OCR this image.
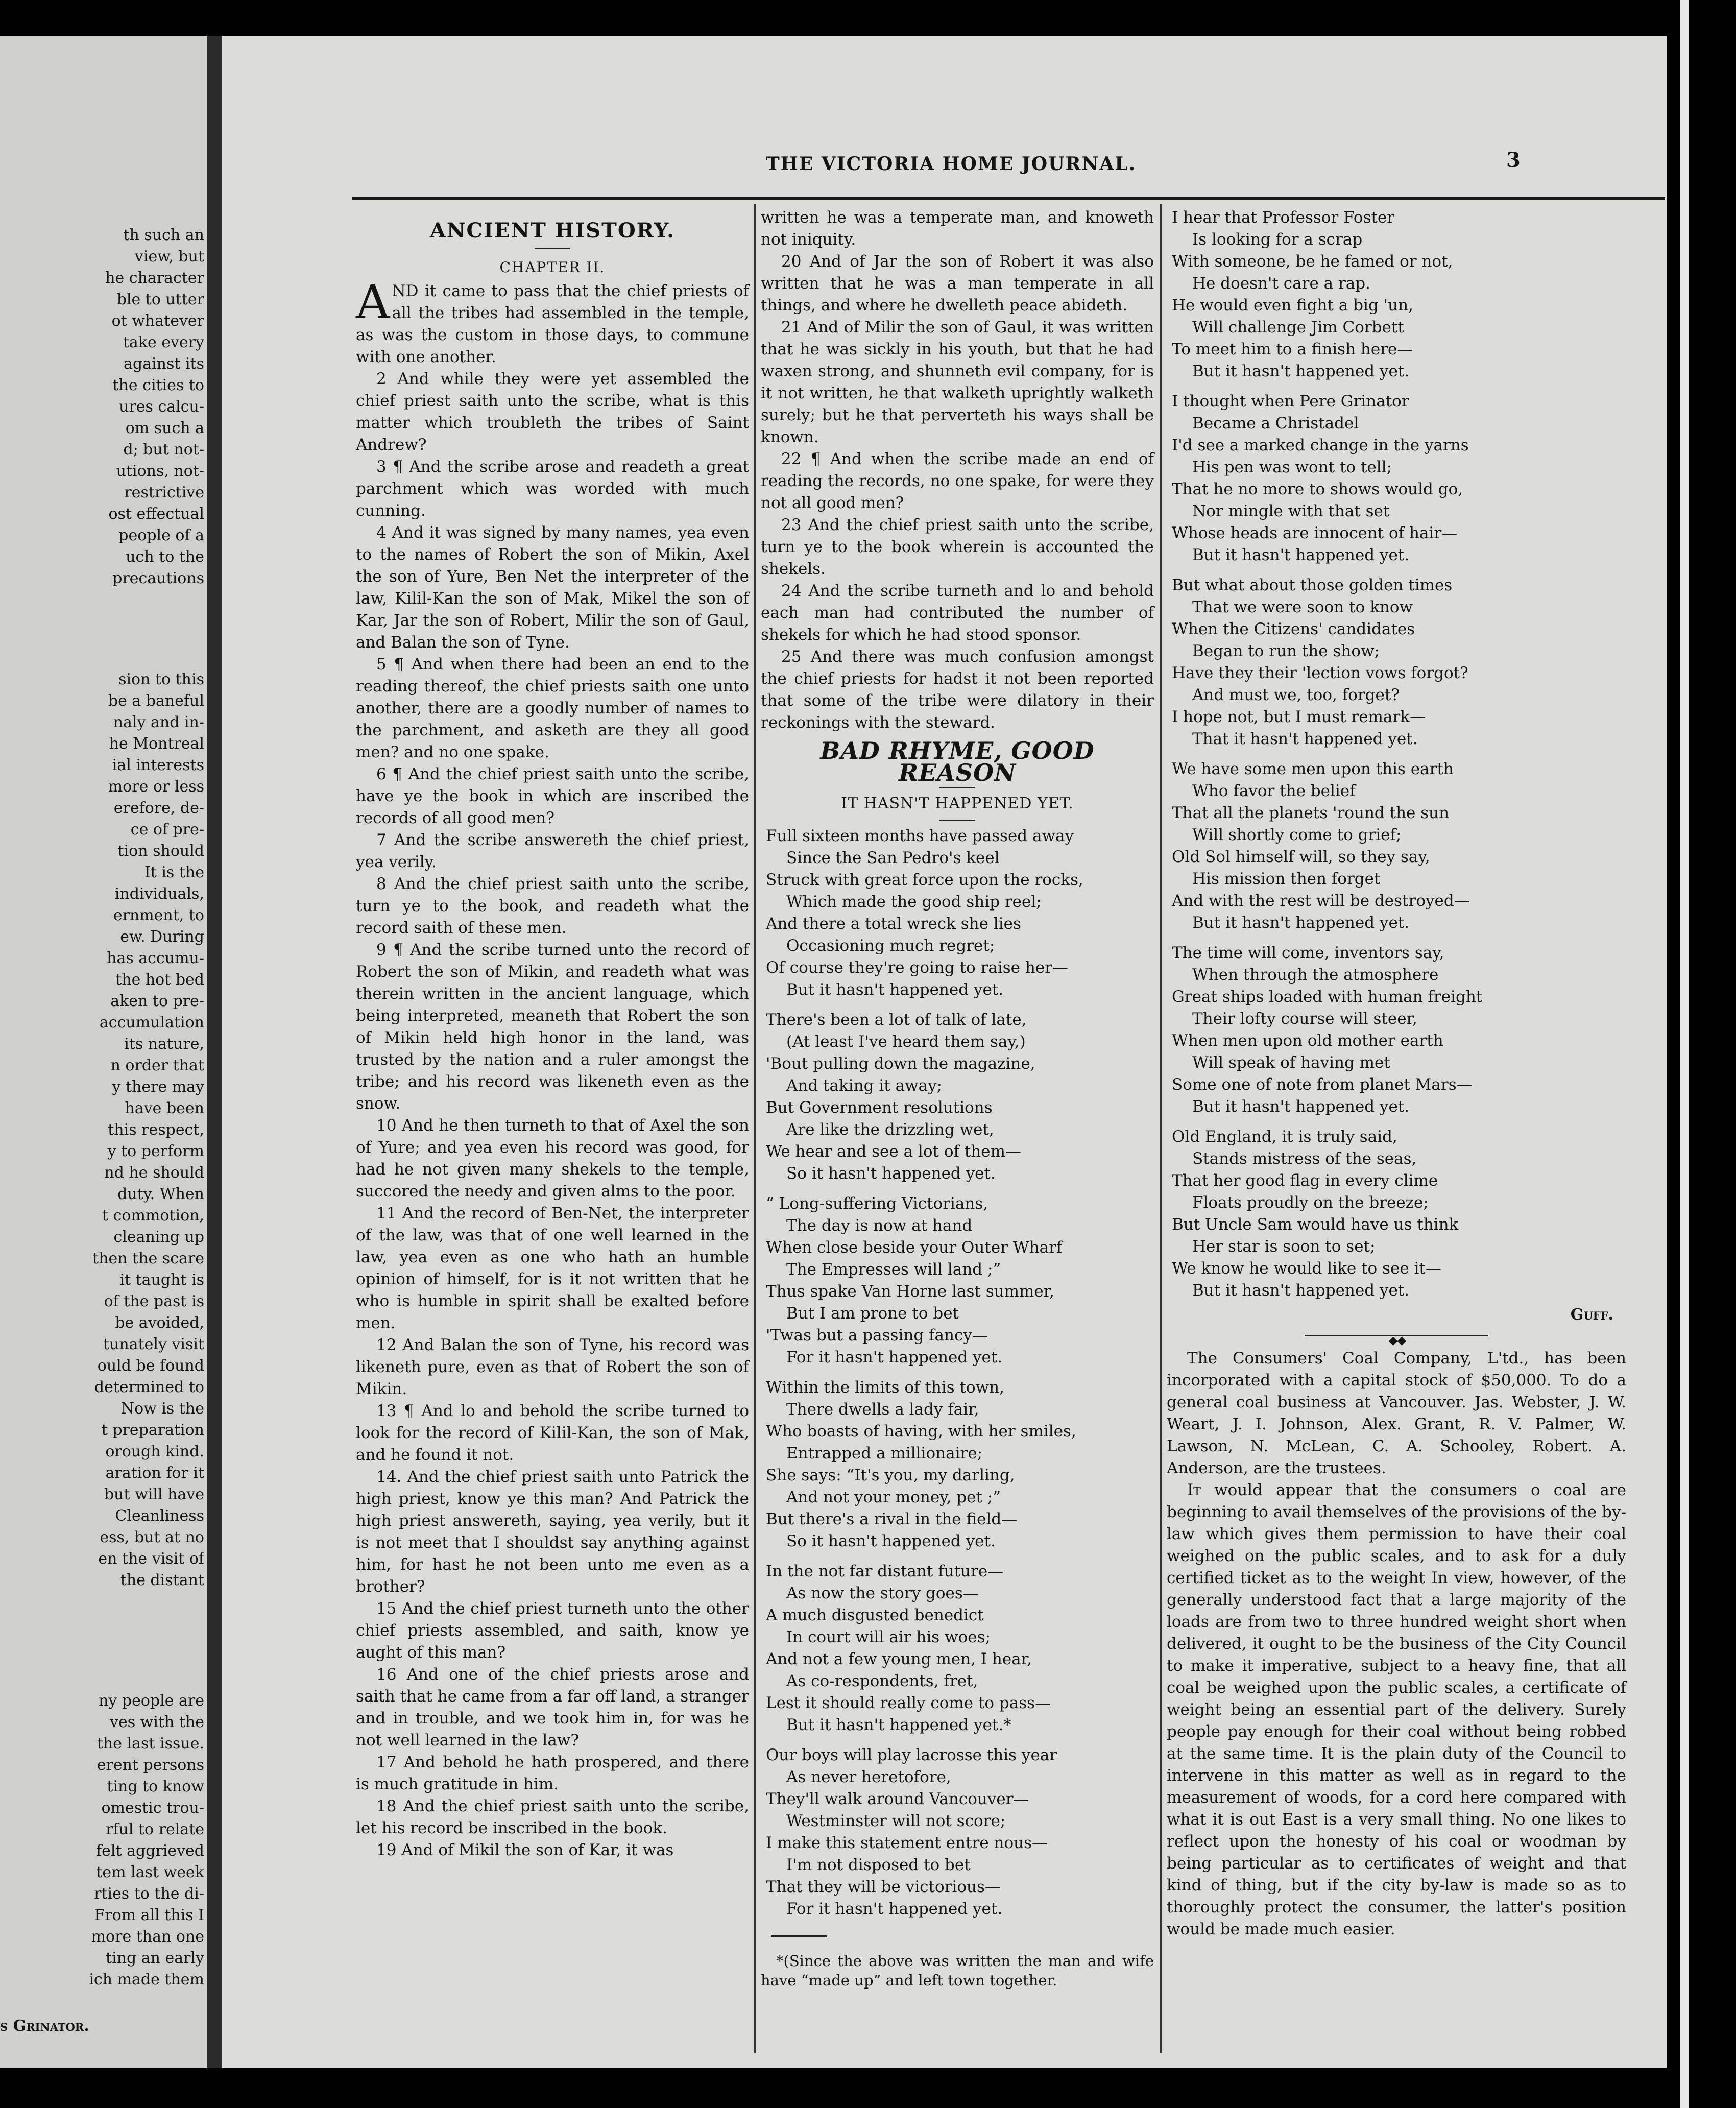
th such an
view, but
he character
ble to utter
ot whatever
take every
against its
the cities to
ures calcu-
om such a
d; but not-
utions, not-
restrictive
ost effectual
people of a
uch to the
precautions
sion to this
be a baneful
naly and in-
he Montreal
ial interests
more or less
erefore, de-
ce of pre-
tion should
It is the
individuals,
ernment, to
ew. During
has accumu-
the hot bed
aken to pre-
accumulation
its nature,
n order that
y there may
have been
this respect,
y to perform
nd he should
duty. When
t commotion,
cleaning up
then the scare
it taught is
of the past is
be avoided,
tunately visit
ould be found
determined to
Now is the
t preparation
orough kind.
aration for it
but will have
Cleanliness
ess, but at no
en the visit of
the distant
ny people are
ves with the
the last issue.
erent persons
ting to know
omestic trou-
rful to relate
felt aggrieved
tem last week
rties to the di-
From all this I
more than one
ting an early
ich made them
s Grinator.
THE VICTORIA HOME JOURNAL.	3
ANCIENT HISTORY.
CHAPTER II.

AND it came to pass that the chief priests of all the tribes had assembled in the temple, as was the custom in those days, to commune with one another.

2 And while they were yet assembled the chief priest saith unto the scribe, what is this matter which troubleth the tribes of Saint Andrew?

3 ¶ And the scribe arose and readeth a great parchment which was worded with much cunning.

4 And it was signed by many names, yea even to the names of Robert the son of Mikin, Axel the son of Yure, Ben Net the interpreter of the law, Kilil-Kan the son of Mak, Mikel the son of Kar, Jar the son of Robert, Milir the son of Gaul, and Balan the son of Tyne.

5 ¶ And when there had been an end to the reading thereof, the chief priests saith one unto another, there are a goodly number of names to the parchment, and asketh are they all good men? and no one spake.

6 ¶ And the chief priest saith unto the scribe, have ye the book in which are inscribed the records of all good men?

7 And the scribe answereth the chief priest, yea verily.

8 And the chief priest saith unto the scribe, turn ye to the book, and readeth what the record saith of these men.

9 ¶ And the scribe turned unto the record of Robert the son of Mikin, and readeth what was therein written in the ancient language, which being interpreted, meaneth that Robert the son of Mikin held high honor in the land, was trusted by the nation and a ruler amongst the tribe; and his record was likeneth even as the snow.

10 And he then turneth to that of Axel the son of Yure; and yea even his record was good, for had he not given many shekels to the temple, succored the needy and given alms to the poor.

11 And the record of Ben-Net, the interpreter of the law, was that of one well learned in the law, yea even as one who hath an humble opinion of himself, for is it not written that he who is humble in spirit shall be exalted before men.

12 And Balan the son of Tyne, his record was likeneth pure, even as that of Robert the son of Mikin.

13 ¶ And lo and behold the scribe turned to look for the record of Kilil-Kan, the son of Mak, and he found it not.

14. And the chief priest saith unto Patrick the high priest, know ye this man? And Patrick the high priest answereth, saying, yea verily, but it is not meet that I shouldst say anything against him, for hast he not been unto me even as a brother?

15 And the chief priest turneth unto the other chief priests assembled, and saith, know ye aught of this man?

16 And one of the chief priests arose and saith that he came from a far off land, a stranger and in trouble, and we took him in, for was he not well learned in the law?

17 And behold he hath prospered, and there is much gratitude in him.

18 And the chief priest saith unto the scribe, let his record be inscribed in the book.

19 And of Mikil the son of Kar, it was

written he was a temperate man, and knoweth not iniquity.

20 And of Jar the son of Robert it was also written that he was a man temperate in all things, and where he dwelleth peace abideth.

21 And of Milir the son of Gaul, it was written that he was sickly in his youth, but that he had waxen strong, and shunneth evil company, for is it not written, he that walketh uprightly walketh surely; but he that perverteth his ways shall be known.

22 ¶ And when the scribe made an end of reading the records, no one spake, for were they not all good men?

23 And the chief priest saith unto the scribe, turn ye to the book wherein is accounted the shekels.

24 And the scribe turneth and lo and behold each man had contributed the number of shekels for which he had stood sponsor.

25 And there was much confusion amongst the chief priests for hadst it not been reported that some of the tribe were dilatory in their reckonings with the steward.

BAD RHYME, GOOD REASON
IT HASN'T HAPPENED YET.
Full sixteen months have passed away
Since the San Pedro's keel
Struck with great force upon the rocks,
Which made the good ship reel;
And there a total wreck she lies
Occasioning much regret;
Of course they're going to raise her—
But it hasn't happened yet.
There's been a lot of talk of late,
(At least I've heard them say,)
'Bout pulling down the magazine,
And taking it away;
But Government resolutions
Are like the drizzling wet,
We hear and see a lot of them—
So it hasn't happened yet.
“ Long-suffering Victorians,
The day is now at hand
When close beside your Outer Wharf
The Empresses will land ;”
Thus spake Van Horne last summer,
But I am prone to bet
'Twas but a passing fancy—
For it hasn't happened yet.
Within the limits of this town,
There dwells a lady fair,
Who boasts of having, with her smiles,
Entrapped a millionaire;
She says: “It's you, my darling,
And not your money, pet ;”
But there's a rival in the field—
So it hasn't happened yet.
In the not far distant future—
As now the story goes—
A much disgusted benedict
In court will air his woes;
And not a few young men, I hear,
As co-respondents, fret,
Lest it should really come to pass—
But it hasn't happened yet.*
Our boys will play lacrosse this year
As never heretofore,
They'll walk around Vancouver—
Westminster will not score;
I make this statement entre nous—
I'm not disposed to bet
That they will be victorious—
For it hasn't happened yet.

*(Since the above was written the man and wife have “made up” and left town together.

I hear that Professor Foster
Is looking for a scrap
With someone, be he famed or not,
He doesn't care a rap.
He would even fight a big 'un,
Will challenge Jim Corbett
To meet him to a finish here—
But it hasn't happened yet.
I thought when Pere Grinator
Became a Christadel
I'd see a marked change in the yarns
His pen was wont to tell;
That he no more to shows would go,
Nor mingle with that set
Whose heads are innocent of hair—
But it hasn't happened yet.
But what about those golden times
That we were soon to know
When the Citizens' candidates
Began to run the show;
Have they their 'lection vows forgot?
And must we, too, forget?
I hope not, but I must remark—
That it hasn't happened yet.
We have some men upon this earth
Who favor the belief
That all the planets 'round the sun
Will shortly come to grief;
Old Sol himself will, so they say,
His mission then forget
And with the rest will be destroyed—
But it hasn't happened yet.
The time will come, inventors say,
When through the atmosphere
Great ships loaded with human freight
Their lofty course will steer,
When men upon old mother earth
Will speak of having met
Some one of note from planet Mars—
But it hasn't happened yet.
Old England, it is truly said,
Stands mistress of the seas,
That her good flag in every clime
Floats proudly on the breeze;
But Uncle Sam would have us think
Her star is soon to set;
We know he would like to see it—
But it hasn't happened yet.
Guff.
◆◆

The Consumers' Coal Company, L'td., has been incorporated with a capital stock of $50,000. To do a general coal business at Vancouver. Jas. Webster, J. W. Weart, J. I. Johnson, Alex. Grant, R. V. Palmer, W. Lawson, N. McLean, C. A. Schooley, Robert. A. Anderson, are the trustees.

It would appear that the consumers o coal are beginning to avail themselves of the provisions of the by-law which gives them permission to have their coal weighed on the public scales, and to ask for a duly certified ticket as to the weight In view, however, of the generally understood fact that a large majority of the loads are from two to three hundred weight short when delivered, it ought to be the business of the City Council to make it imperative, subject to a heavy fine, that all coal be weighed upon the public scales, a certificate of weight being an essential part of the delivery. Surely people pay enough for their coal without being robbed at the same time. It is the plain duty of the Council to intervene in this matter as well as in regard to the measurement of woods, for a cord here compared with what it is out East is a very small thing. No one likes to reflect upon the honesty of his coal or woodman by being particular as to certificates of weight and that kind of thing, but if the city by-law is made so as to thoroughly protect the consumer, the latter's position would be made much easier.
